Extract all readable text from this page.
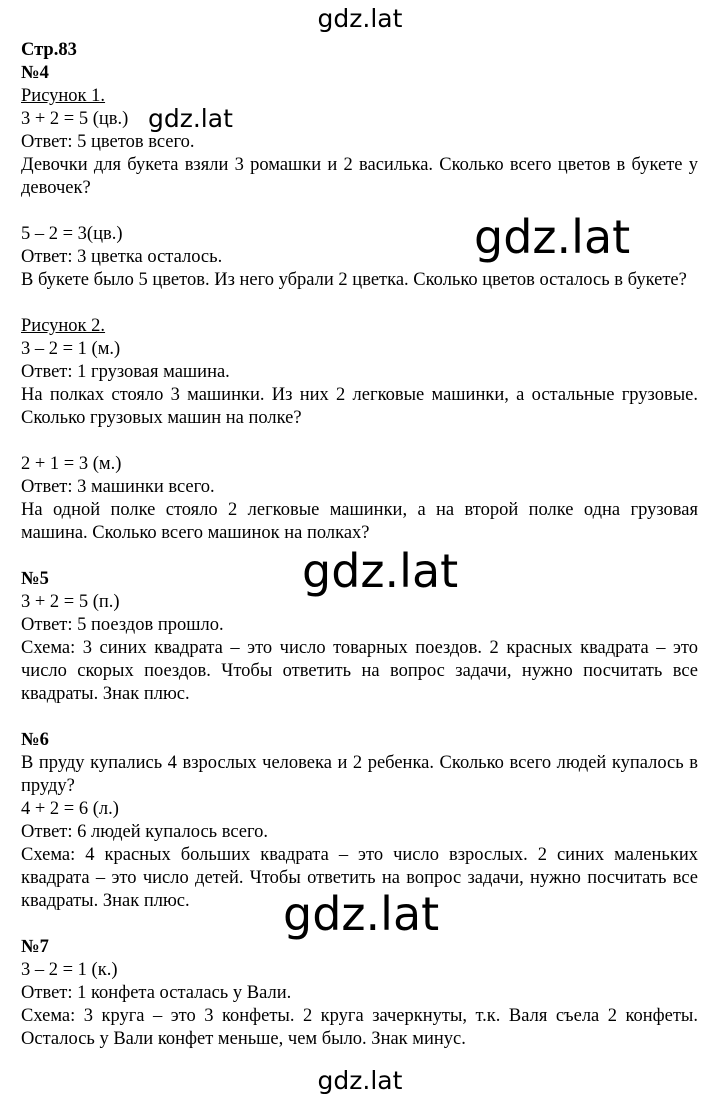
Стр.83
№4
Рисунок 1.
3 + 2 = 5 (цв.)
Ответ: 5 цветов всего.
Девочки для букета взяли 3 ромашки и 2 василька. Сколько всего цветов в букете у девочек?
5 – 2 = 3(цв.)
Ответ: 3 цветка осталось.
В букете было 5 цветов. Из него убрали 2 цветка. Сколько цветов осталось в букете?
Рисунок 2.
3 – 2 = 1 (м.)
Ответ: 1 грузовая машина.
На полках стояло 3 машинки. Из них 2 легковые машинки, а остальные грузовые. Сколько грузовых машин на полке?
2 + 1 = 3 (м.)
Ответ: 3 машинки всего.
На одной полке стояло 2 легковые машинки, а на второй полке одна грузовая машина. Сколько всего машинок на полках?
№5
3 + 2 = 5 (п.)
Ответ: 5 поездов прошло.
Схема: 3 синих квадрата – это число товарных поездов. 2 красных квадрата – это число скорых поездов. Чтобы ответить на вопрос задачи, нужно посчитать все квадраты. Знак плюс.
№6
В пруду купались 4 взрослых человека и 2 ребенка. Сколько всего людей купалось в пруду?
4 + 2 = 6 (л.)
Ответ: 6 людей купалось всего.
Схема: 4 красных больших квадрата – это число взрослых. 2 синих маленьких квадрата – это число детей. Чтобы ответить на вопрос задачи, нужно посчитать все квадраты. Знак плюс.
№7
3 – 2 = 1 (к.)
Ответ: 1 конфета осталась у Вали.
Схема: 3 круга – это 3 конфеты. 2 круга зачеркнуты, т.к. Валя съела 2 конфеты. Осталось у Вали конфет меньше, чем было. Знак минус.
gdz.lat
gdz.lat
gdz.lat
gdz.lat
gdz.lat
gdz.lat
